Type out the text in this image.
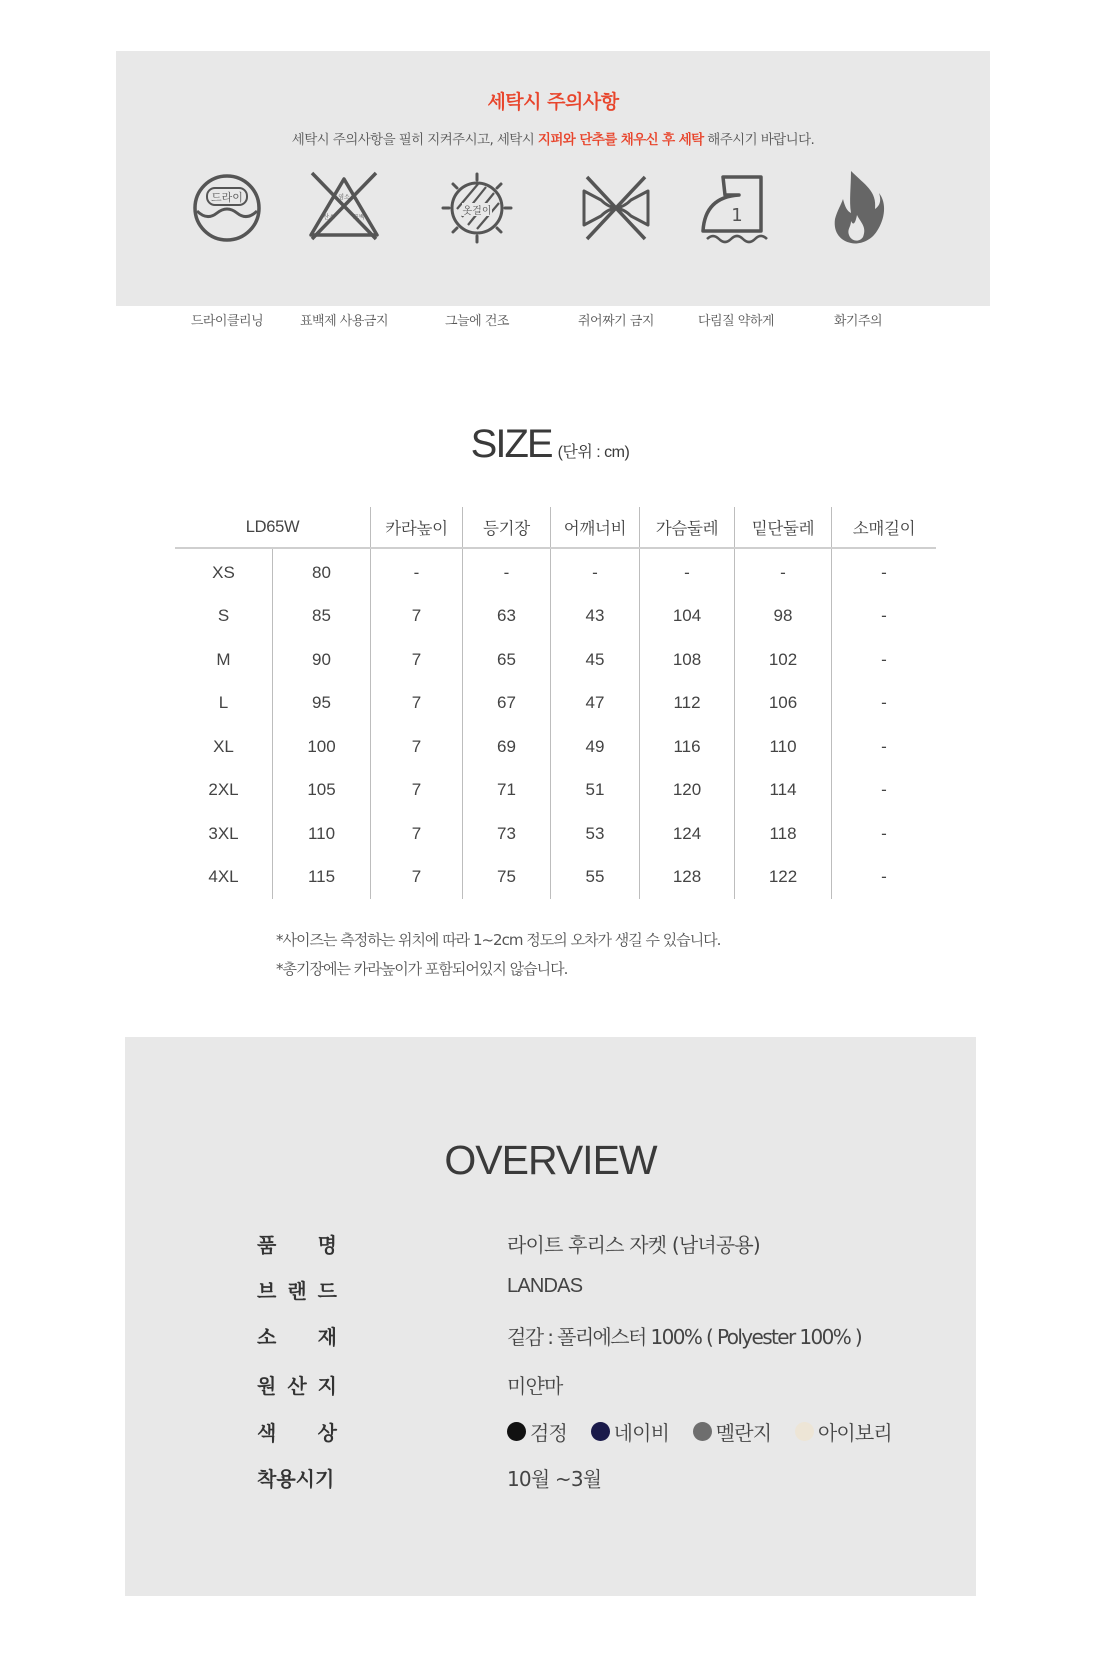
세탁시 주의사항
세탁시 주의사항을 필히 지켜주시고, 세탁시 지퍼와 단추를 채우신 후 세탁 해주시기 바랍니다.
드라이
드라이클리닝
염소
산소	표백
표백제 사용금지
옷걸이
그늘에 건조	쥐어짜기 금지
1
다림질 약하게	화기주의
SIZE (단위 : cm)
LD65W		카라높이	등기장	어깨너비	가슴둘레	밑단둘레	소매길이
XS	80	-	-	-	-	-	-
S	85	7	63	43	104	98	-
M	90	7	65	45	108	102	-
L	95	7	67	47	112	106	-
XL	100	7	69	49	116	110	-
2XL	105	7	71	51	120	114	-
3XL	110	7	73	53	124	118	-
4XL	115	7	75	55	128	122	-
*사이즈는 측정하는 위치에 따라 1~2cm 정도의 오차가 생길 수 있습니다.
*총기장에는 카라높이가 포함되어있지 않습니다.
OVERVIEW
품 명	라이트 후리스 자켓 (남녀공용)
브 랜 드	LANDAS
소 재	겉감 : 폴리에스터 100% ( Polyester 100% )
원 산 지	미얀마
색 상	검정
네이비
멜란지
아이보리
착용시기	10월 ~3월
